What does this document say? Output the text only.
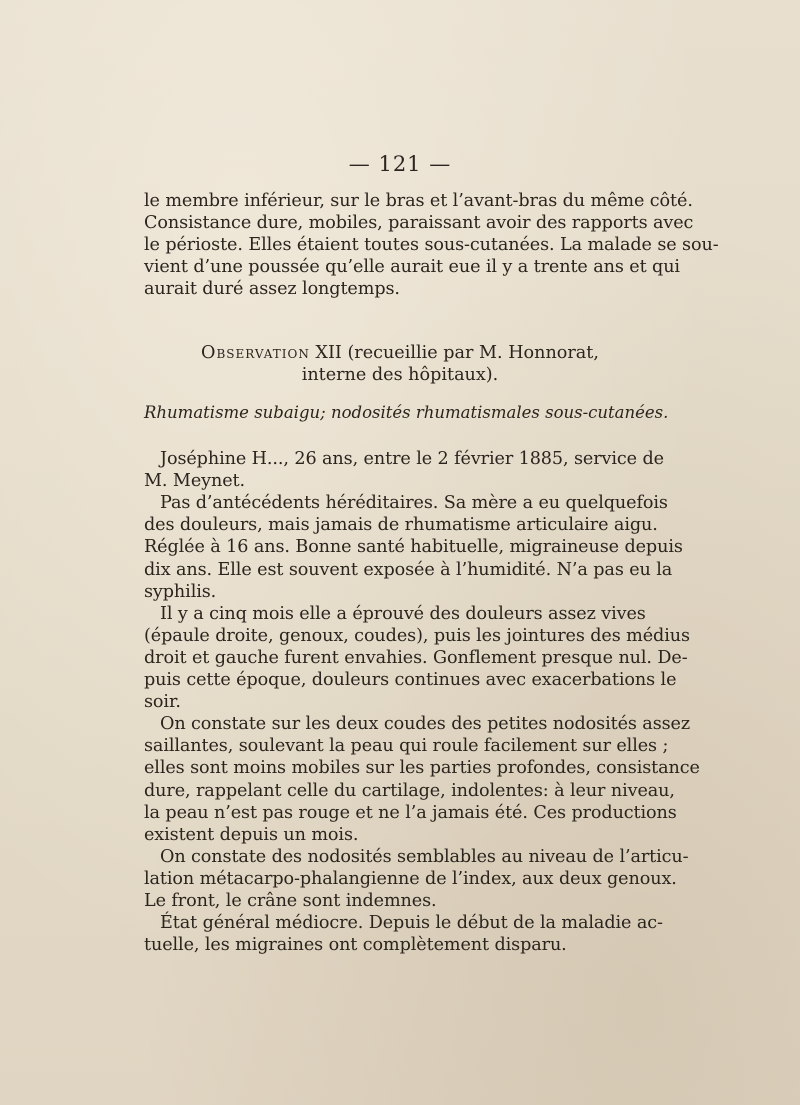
— 121 —
le membre inférieur, sur le bras et l’avant-bras du même côté.
Consistance dure, mobiles, paraissant avoir des rapports avec
le périoste. Elles étaient toutes sous-cutanées. La malade se sou-
vient d’une poussée qu’elle aurait eue il y a trente ans et qui
aurait duré assez longtemps.
Observation XII (recueillie par M. Honnorat,
interne des hôpitaux).
Rhumatisme subaigu; nodosités rhumatismales sous-cutanées.
Joséphine H..., 26 ans, entre le 2 février 1885, service de
M. Meynet.
Pas d’antécédents héréditaires. Sa mère a eu quelquefois
des douleurs, mais jamais de rhumatisme articulaire aigu.
Réglée à 16 ans. Bonne santé habituelle, migraineuse depuis
dix ans. Elle est souvent exposée à l’humidité. N’a pas eu la
syphilis.
Il y a cinq mois elle a éprouvé des douleurs assez vives
(épaule droite, genoux, coudes), puis les jointures des médius
droit et gauche furent envahies. Gonflement presque nul. De-
puis cette époque, douleurs continues avec exacerbations le
soir.
On constate sur les deux coudes des petites nodosités assez
saillantes, soulevant la peau qui roule facilement sur elles ;
elles sont moins mobiles sur les parties profondes, consistance
dure, rappelant celle du cartilage, indolentes: à leur niveau,
la peau n’est pas rouge et ne l’a jamais été. Ces productions
existent depuis un mois.
On constate des nodosités semblables au niveau de l’articu-
lation métacarpo-phalangienne de l’index, aux deux genoux.
Le front, le crâne sont indemnes.
État général médiocre. Depuis le début de la maladie ac-
tuelle, les migraines ont complètement disparu.
